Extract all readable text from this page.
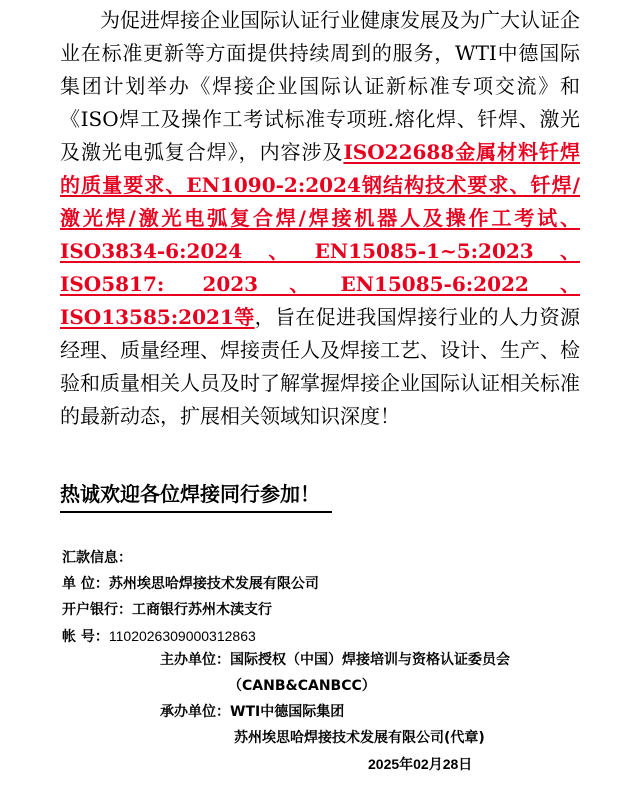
为促进焊接企业国际认证行业健康发展及为广大认证企业在标准更新等方面提供持续周到的服务，WTI中德国际集团计划举办《焊接企业国际认证新标准专项交流》和《ISO焊工及操作工考试标准专项班.熔化焊、钎焊、激光及激光电弧复合焊》，内容涉及ISO22688金属材料钎焊的质量要求、EN1090-2:2024钢结构技术要求、钎焊/激光焊/激光电弧复合焊/焊接机器人及操作工考试、ISO3834-6:2024、EN15085-1~5:2023、ISO5817: 2023、EN15085-6:2022、ISO13585:2021等，旨在促进我国焊接行业的人力资源经理、质量经理、焊接责任人及焊接工艺、设计、生产、检验和质量相关人员及时了解掌握焊接企业国际认证相关标准的最新动态，扩展相关领域知识深度！

热诚欢迎各位焊接同行参加！
汇款信息：
单 位：苏州埃思哈焊接技术发展有限公司
开户银行：工商银行苏州木渎支行
帐 号：1102026309000312863
主办单位：国际授权（中国）焊接培训与资格认证委员会
（CANB&CANBCC）
承办单位：WTI中德国际集团
苏州埃思哈焊接技术发展有限公司(代章)
2025年02月28日
